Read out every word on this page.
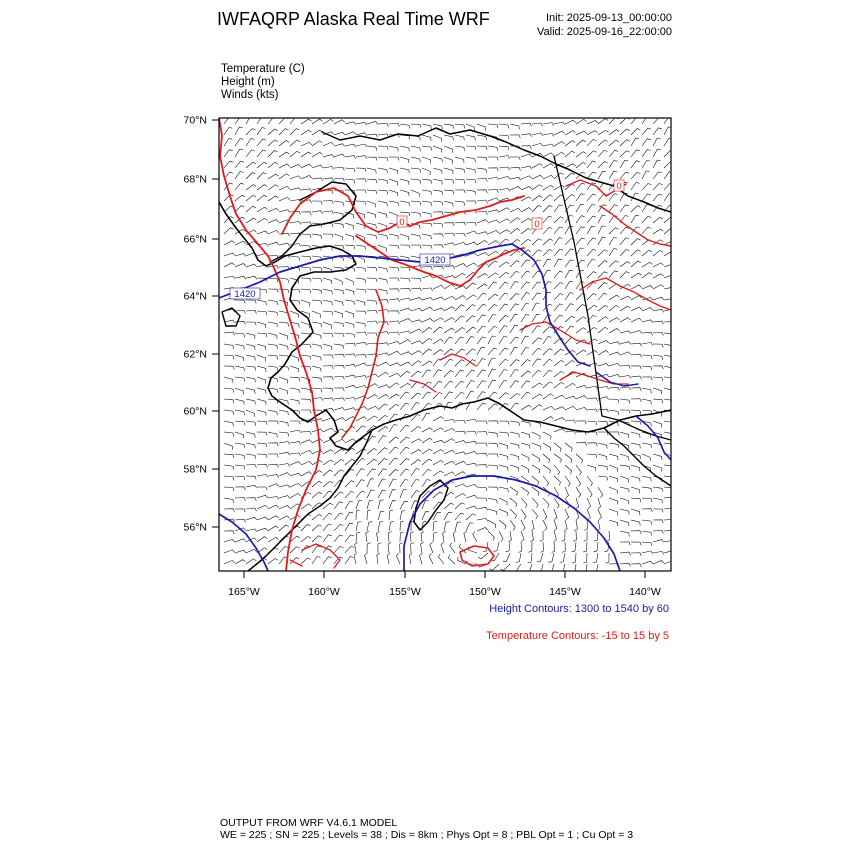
IWFAQRP Alaska Real Time WRF	Init: 2025-09-13_00:00:00
Valid: 2025-09-16_22:00:00
Temperature (C)
Height (m)
Winds (kts)
1420
1420
0	0
0
70°N
68°N
66°N
64°N
62°N
60°N
58°N
56°N
165°W	160°W	155°W	150°W	145°W	140°W
Height Contours: 1300 to 1540 by 60
Temperature Contours: -15 to 15 by 5
OUTPUT FROM WRF V4.6.1 MODEL
WE = 225 ; SN = 225 ; Levels = 38 ; Dis = 8km ; Phys Opt = 8 ; PBL Opt = 1 ; Cu Opt = 3
